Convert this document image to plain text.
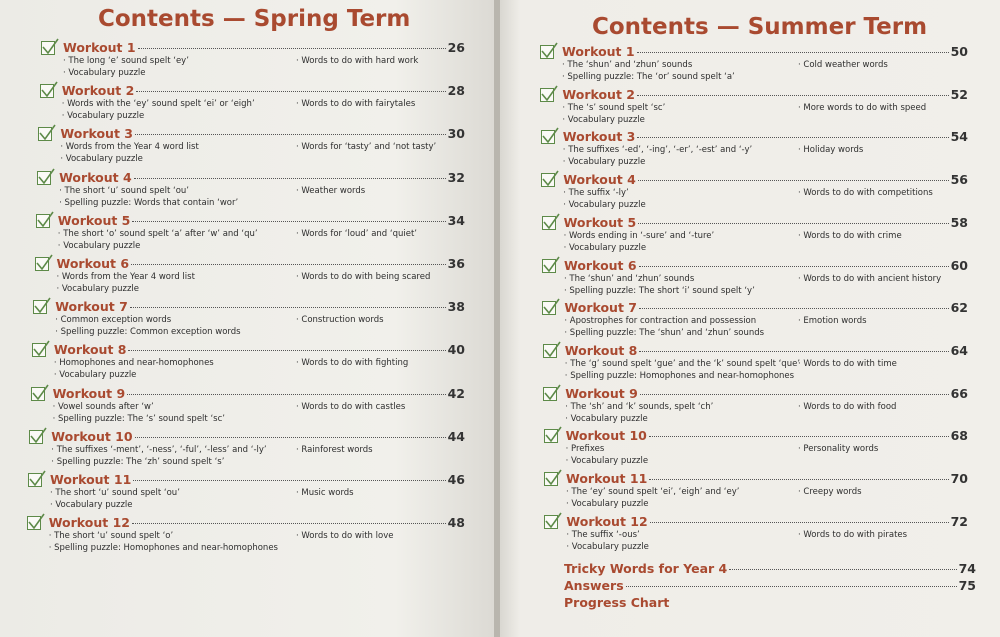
Contents — Spring Term
Workout 1	26
· The long ‘e’ sound spelt ‘ey’
· Vocabulary puzzle
· Words to do with hard work
Workout 2	28
· Words with the ‘ey’ sound spelt ‘ei’ or ‘eigh’
· Vocabulary puzzle
· Words to do with fairytales
Workout 3	30
· Words from the Year 4 word list
· Vocabulary puzzle
· Words for ‘tasty’ and ‘not tasty’
Workout 4	32
· The short ‘u’ sound spelt ‘ou’
· Spelling puzzle: Words that contain ‘wor’
· Weather words
Workout 5	34
· The short ‘o’ sound spelt ‘a’ after ‘w’ and ‘qu’
· Vocabulary puzzle
· Words for ‘loud’ and ‘quiet’
Workout 6	36
· Words from the Year 4 word list
· Vocabulary puzzle
· Words to do with being scared
Workout 7	38
· Common exception words
· Spelling puzzle: Common exception words
· Construction words
Workout 8	40
· Homophones and near-homophones
· Vocabulary puzzle
· Words to do with fighting
Workout 9	42
· Vowel sounds after ‘w’
· Spelling puzzle: The ‘s’ sound spelt ‘sc’
· Words to do with castles
Workout 10	44
· The suffixes ‘-ment’, ‘-ness’, ‘-ful’, ‘-less’ and ‘-ly’
· Spelling puzzle: The ‘zh’ sound spelt ‘s’
· Rainforest words
Workout 11	46
· The short ‘u’ sound spelt ‘ou’
· Vocabulary puzzle
· Music words
Workout 12	48
· The short ‘u’ sound spelt ‘o’
· Spelling puzzle: Homophones and near-homophones
· Words to do with love
Contents — Summer Term
Workout 1	50
· The ‘shun’ and ‘zhun’ sounds
· Spelling puzzle: The ‘or’ sound spelt ‘a’
· Cold weather words
Workout 2	52
· The ‘s’ sound spelt ‘sc’
· Vocabulary puzzle
· More words to do with speed
Workout 3	54
· The suffixes ‘-ed’, ‘-ing’, ‘-er’, ‘-est’ and ‘-y’
· Vocabulary puzzle
· Holiday words
Workout 4	56
· The suffix ‘-ly’
· Vocabulary puzzle
· Words to do with competitions
Workout 5	58
· Words ending in ‘-sure’ and ‘-ture’
· Vocabulary puzzle
· Words to do with crime
Workout 6	60
· The ‘shun’ and ‘zhun’ sounds
· Spelling puzzle: The short ‘i’ sound spelt ‘y’
· Words to do with ancient history
Workout 7	62
· Apostrophes for contraction and possession
· Spelling puzzle: The ‘shun’ and ‘zhun’ sounds
· Emotion words
Workout 8	64
· The ‘g’ sound spelt ‘gue’ and the ‘k’ sound spelt ‘que’
· Spelling puzzle: Homophones and near-homophones
· Words to do with time
Workout 9	66
· The ‘sh’ and ‘k’ sounds, spelt ‘ch’
· Vocabulary puzzle
· Words to do with food
Workout 10	68
· Prefixes
· Vocabulary puzzle
· Personality words
Workout 11	70
· The ‘ey’ sound spelt ‘ei’, ‘eigh’ and ‘ey’
· Vocabulary puzzle
· Creepy words
Workout 12	72
· The suffix ‘-ous’
· Vocabulary puzzle
· Words to do with pirates
Tricky Words for Year 4	74
Answers	75
Progress Chart
